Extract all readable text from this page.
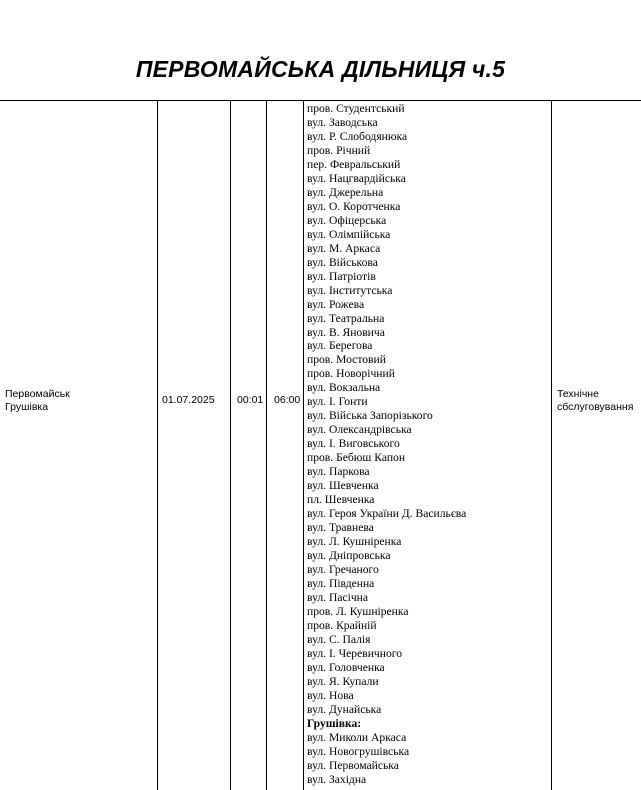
ПЕРВОМАЙСЬКА ДІЛЬНИЦЯ ч.5
Первомайськ
Грушівка
01.07.2025 00:01 06:00
пров. Студентський
вул. Заводська
вул. Р. Слободянюка
пров. Річний
пер. Февральський
вул. Нацгвардійська
вул. Джерельна
вул. О. Коротченка
вул. Офіцерська
вул. Олімпійська
вул. М. Аркаса
вул. Військова
вул. Патріотів
вул. Інститутська
вул. Рожева
вул. Театральна
вул. В. Яновича
вул. Берегова
пров. Мостовий
пров. Новорічний
вул. Вокзальна
вул. І. Гонти
вул. Війська Запорізького
вул. Олександрівська
вул. І. Виговського
пров. Бебюш Капон
вул. Паркова
вул. Шевченка
пл. Шевченка
вул. Героя України Д. Васильєва
вул. Травнева
вул. Л. Кушніренка
вул. Дніпровська
вул. Гречаного
вул. Південна
вул. Пасічна
пров. Л. Кушніренка
пров. Крайній
вул. С. Палія
вул. І. Черевичного
вул. Головченка
вул. Я. Купали
вул. Нова
вул. Дунайська
Грушівка:
вул. Миколи Аркаса
вул. Новогрушівська
вул. Первомайська
вул. Західна
Технічне
сбслуговування
